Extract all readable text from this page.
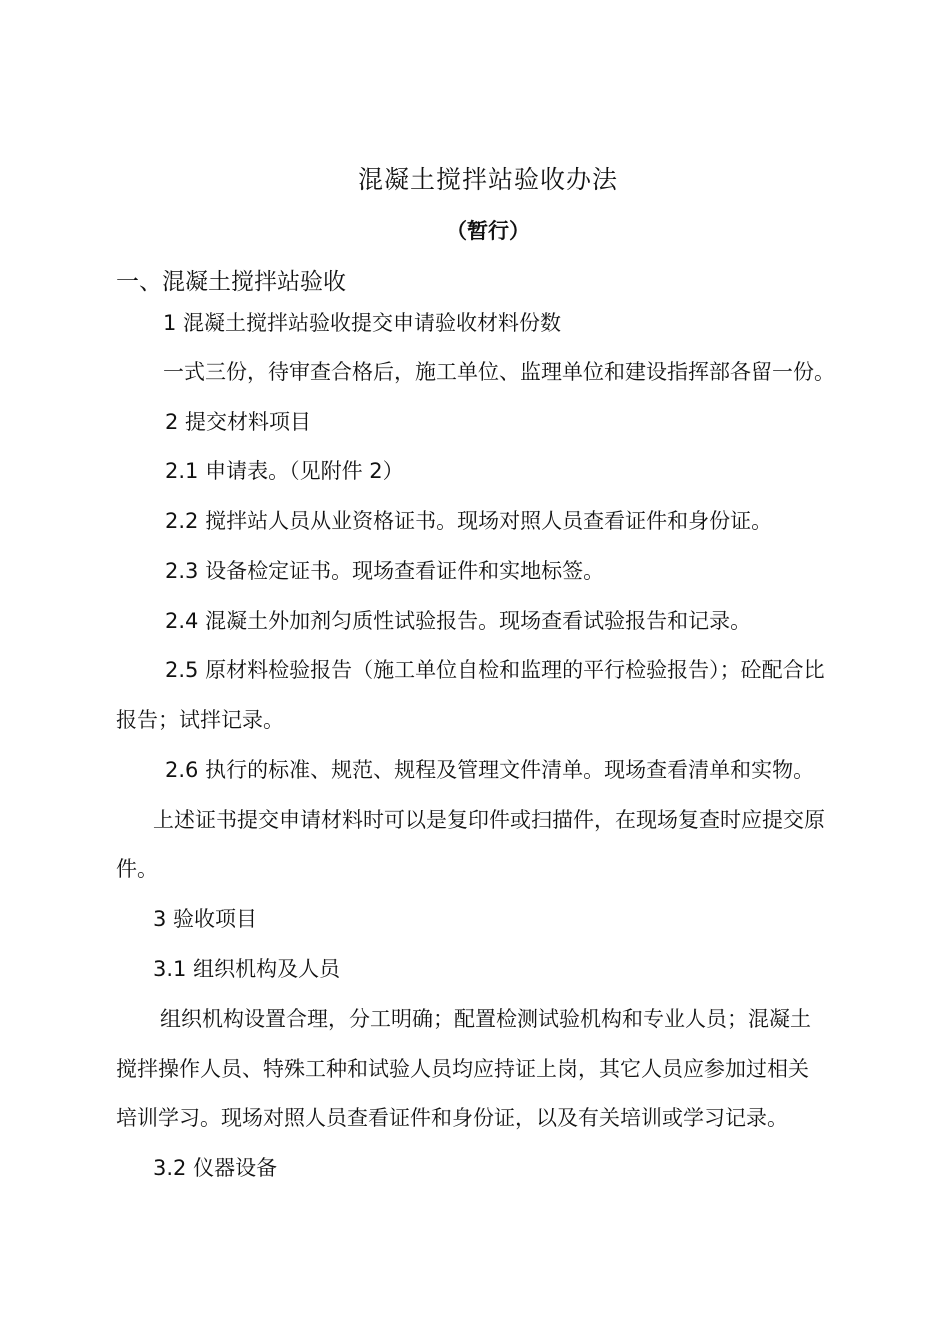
混凝土搅拌站验收办法
（暂行）
一、混凝土搅拌站验收
1 混凝土搅拌站验收提交申请验收材料份数
一式三份，待审查合格后，施工单位、监理单位和建设指挥部各留一份。
2 提交材料项目
2.1 申请表。（见附件 2）
2.2 搅拌站人员从业资格证书。现场对照人员查看证件和身份证。
2.3 设备检定证书。现场查看证件和实地标签。
2.4 混凝土外加剂匀质性试验报告。现场查看试验报告和记录。
2.5 原材料检验报告（施工单位自检和监理的平行检验报告）；砼配合比
报告；试拌记录。
2.6 执行的标准、规范、规程及管理文件清单。现场查看清单和实物。
上述证书提交申请材料时可以是复印件或扫描件，在现场复查时应提交原
件。
3 验收项目
3.1 组织机构及人员
组织机构设置合理，分工明确；配置检测试验机构和专业人员；混凝土
搅拌操作人员、特殊工种和试验人员均应持证上岗，其它人员应参加过相关
培训学习。现场对照人员查看证件和身份证，以及有关培训或学习记录。
3.2 仪器设备
